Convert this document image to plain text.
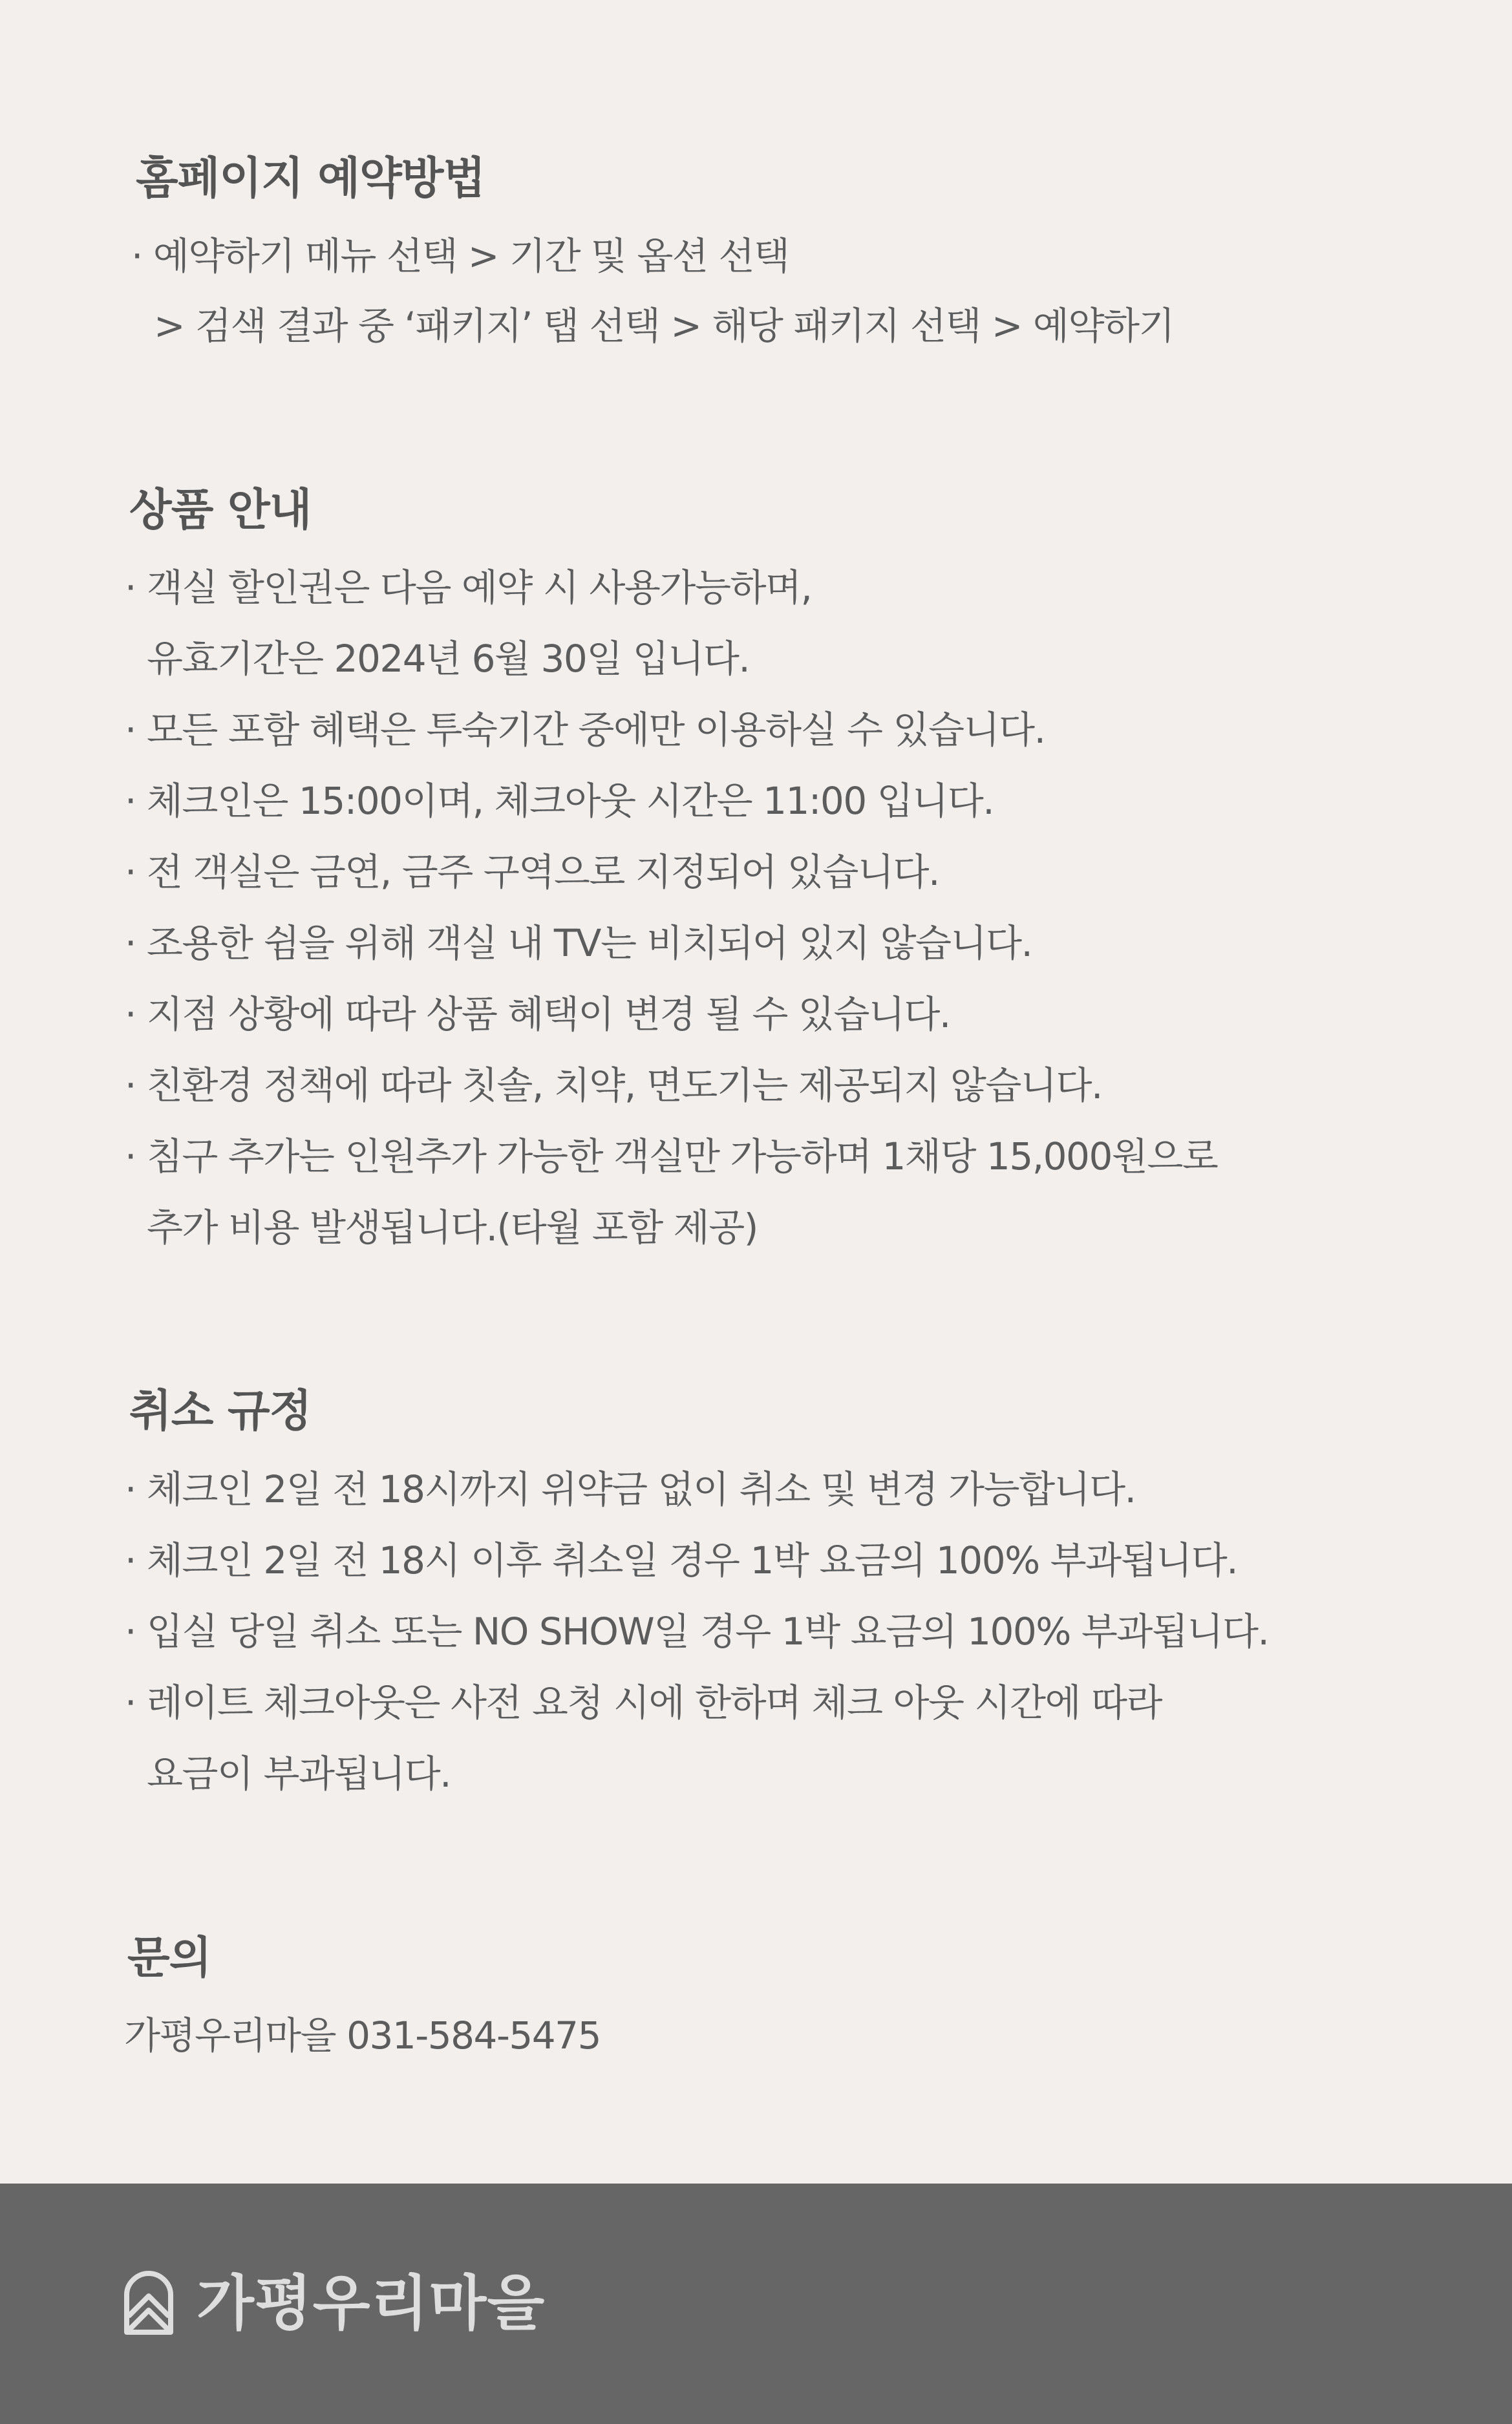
홈페이지 예약방법
· 예약하기 메뉴 선택 > 기간 및 옵션 선택
> 검색 결과 중 ‘패키지’ 탭 선택 > 해당 패키지 선택 > 예약하기
상품 안내
· 객실 할인권은 다음 예약 시 사용가능하며,
유효기간은 2024년 6월 30일 입니다.
· 모든 포함 혜택은 투숙기간 중에만 이용하실 수 있습니다.
· 체크인은 15:00이며, 체크아웃 시간은 11:00 입니다.
· 전 객실은 금연, 금주 구역으로 지정되어 있습니다.
· 조용한 쉼을 위해 객실 내 TV는 비치되어 있지 않습니다.
· 지점 상황에 따라 상품 혜택이 변경 될 수 있습니다.
· 친환경 정책에 따라 칫솔, 치약, 면도기는 제공되지 않습니다.
· 침구 추가는 인원추가 가능한 객실만 가능하며 1채당 15,000원으로
추가 비용 발생됩니다.(타월 포함 제공)
취소 규정
· 체크인 2일 전 18시까지 위약금 없이 취소 및 변경 가능합니다.
· 체크인 2일 전 18시 이후 취소일 경우 1박 요금의 100% 부과됩니다.
· 입실 당일 취소 또는 NO SHOW일 경우 1박 요금의 100% 부과됩니다.
· 레이트 체크아웃은 사전 요청 시에 한하며 체크 아웃 시간에 따라
요금이 부과됩니다.
문의
가평우리마을 031-584-5475
가평우리마을
